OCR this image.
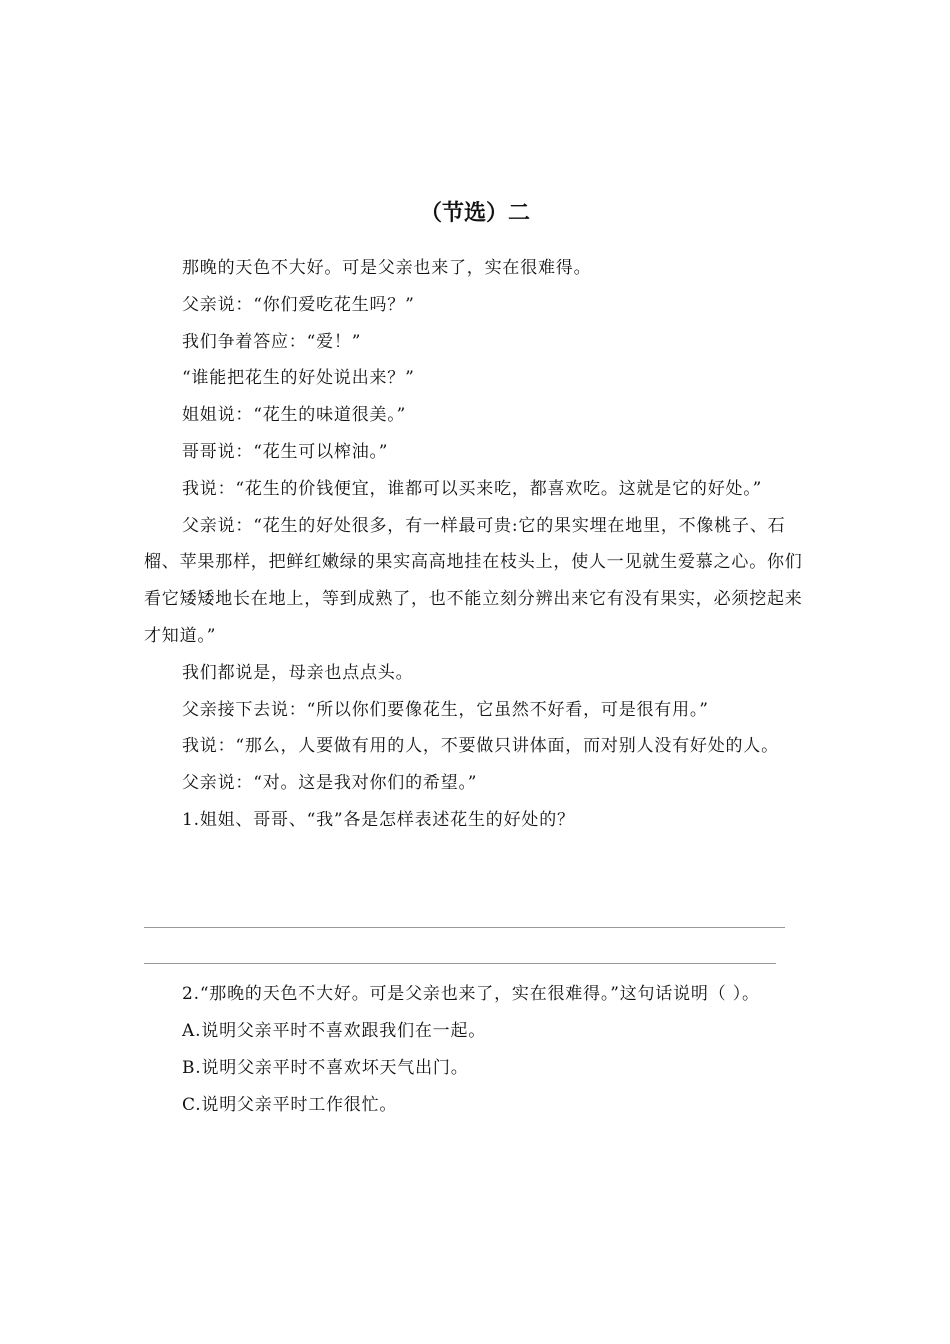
（节选）二

那晚的天色不大好。可是父亲也来了，实在很难得。

父亲说：“你们爱吃花生吗？”

我们争着答应：“爱！”

“谁能把花生的好处说出来？”

姐姐说：“花生的味道很美。”

哥哥说：“花生可以榨油。”

我说：“花生的价钱便宜，谁都可以买来吃，都喜欢吃。这就是它的好处。”

父亲说：“花生的好处很多，有一样最可贵:它的果实埋在地里，不像桃子、石榴、苹果那样，把鲜红嫩绿的果实高高地挂在枝头上，使人一见就生爱慕之心。你们看它矮矮地长在地上，等到成熟了，也不能立刻分辨出来它有没有果实，必须挖起来才知道。”

我们都说是，母亲也点点头。

父亲接下去说：“所以你们要像花生，它虽然不好看，可是很有用。”

我说：“那么，人要做有用的人，不要做只讲体面，而对别人没有好处的人。

父亲说：“对。这是我对你们的希望。”

1.姐姐、哥哥、“我”各是怎样表述花生的好处的？

2.“那晚的天色不大好。可是父亲也来了，实在很难得。”这句话说明（ ）。

A.说明父亲平时不喜欢跟我们在一起。

B.说明父亲平时不喜欢坏天气出门。

C.说明父亲平时工作很忙。
